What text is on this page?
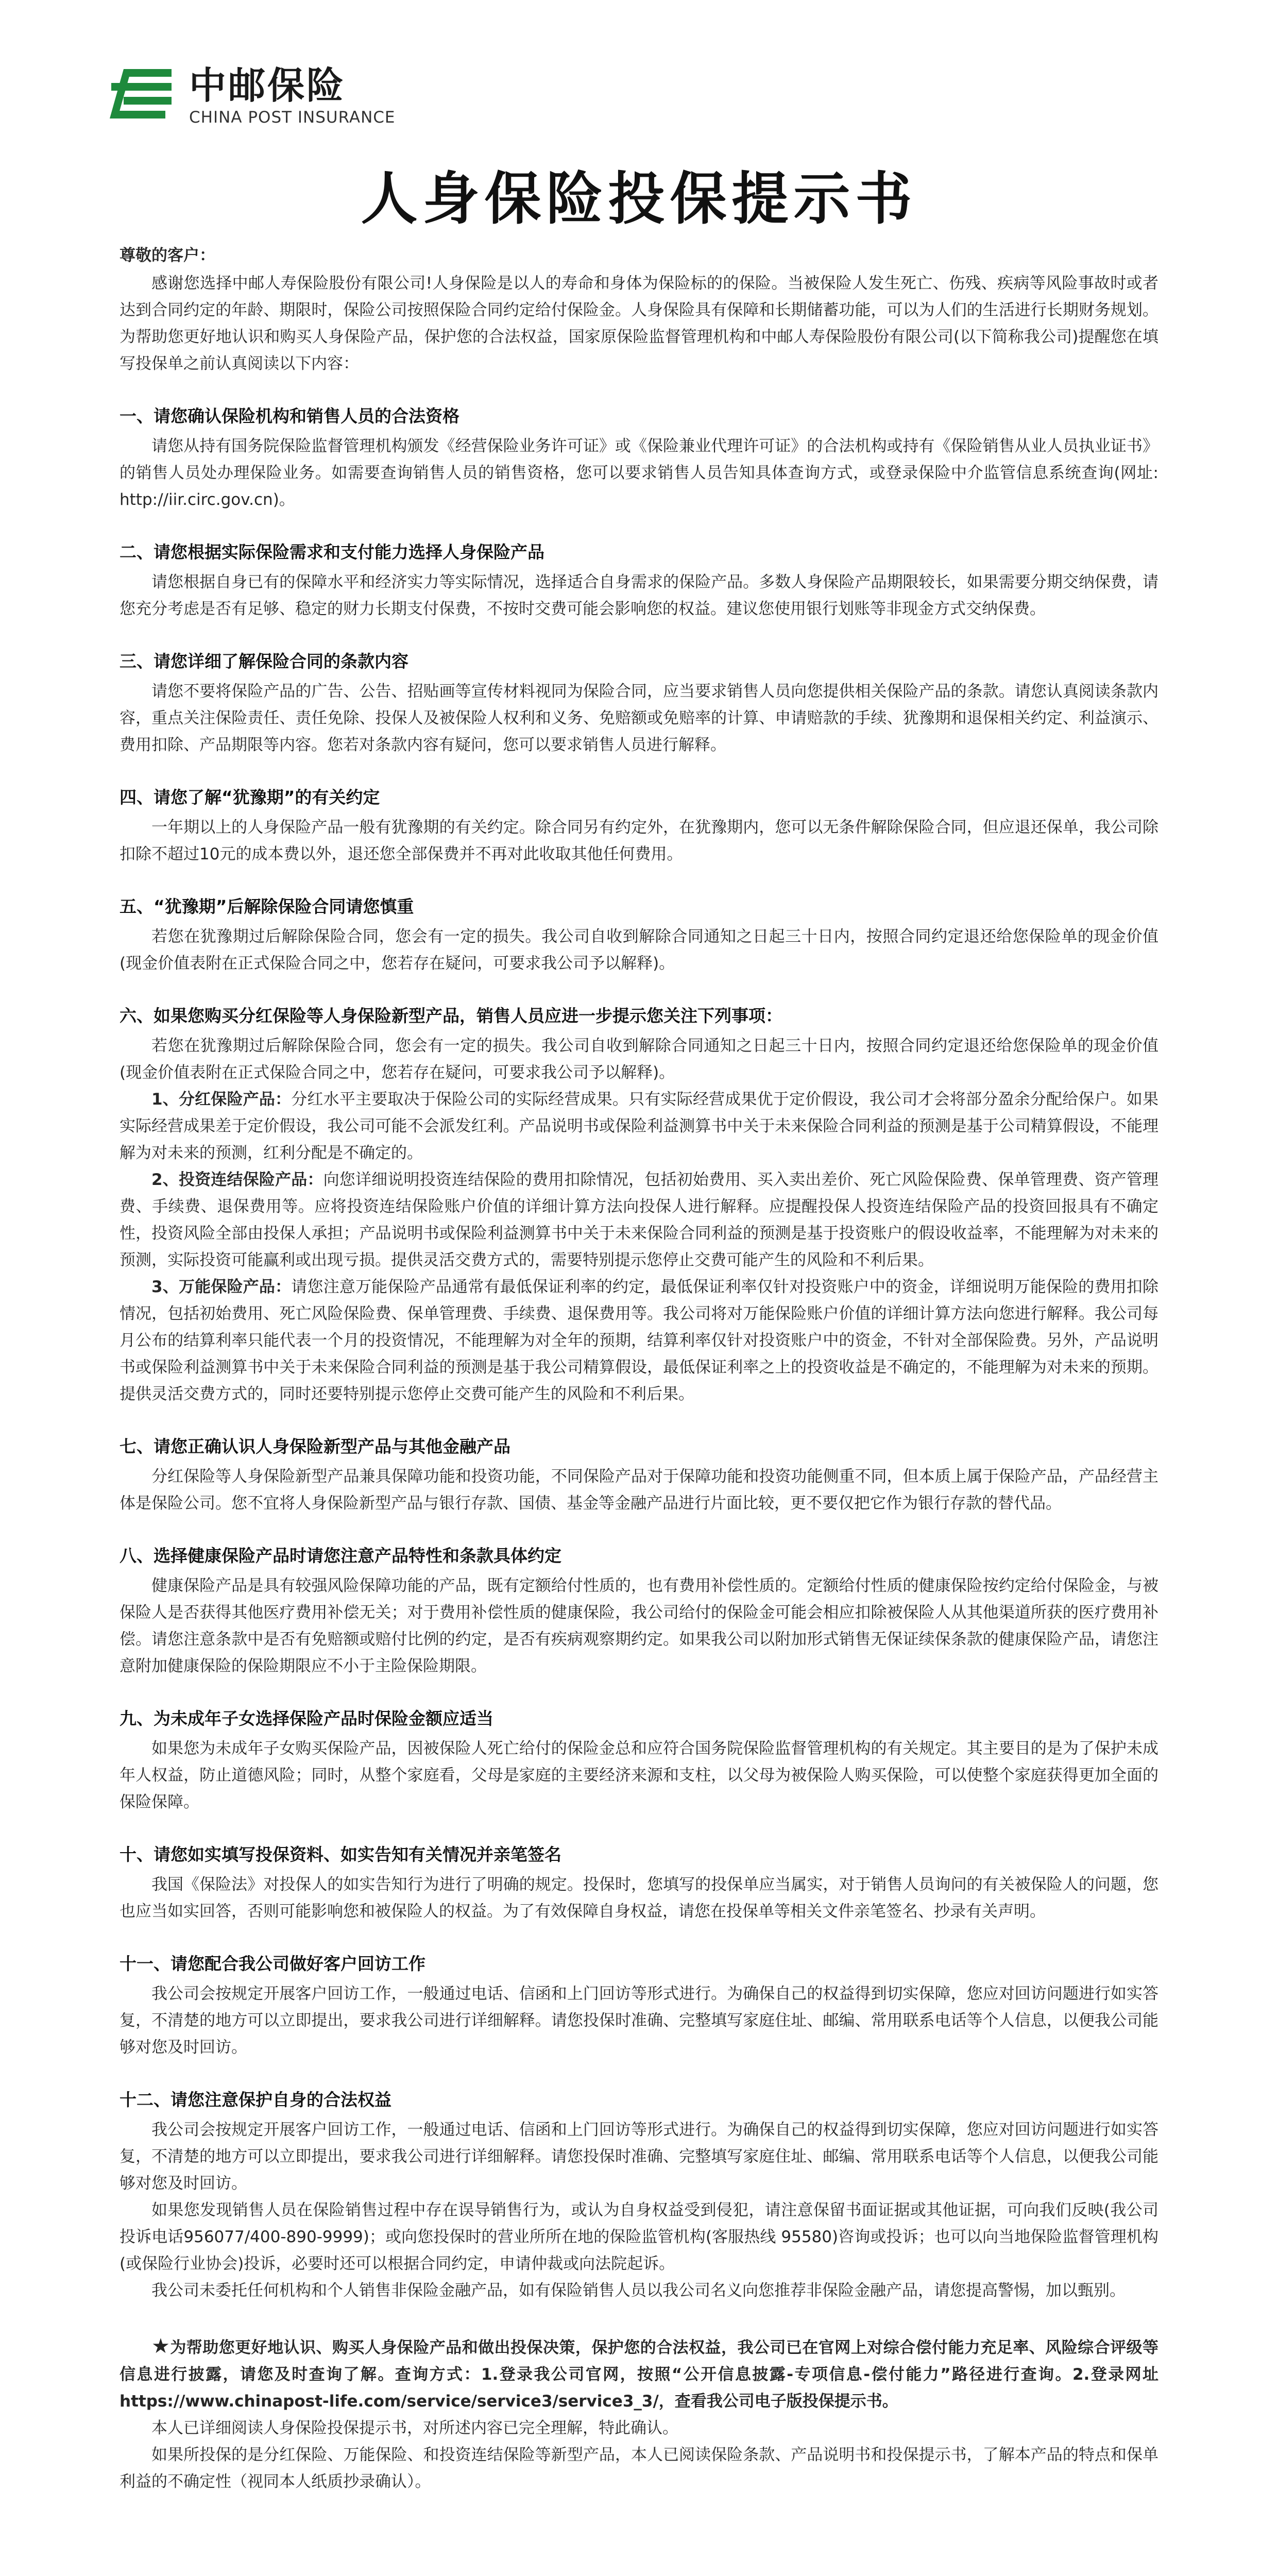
中邮保险
CHINA POST INSURANCE
人身保险投保提示书
尊敬的客户：

感谢您选择中邮人寿保险股份有限公司!人身保险是以人的寿命和身体为保险标的的保险。当被保险人发生死亡、伤残、疾病等风险事故时或者达到合同约定的年龄、期限时，保险公司按照保险合同约定给付保险金。人身保险具有保障和长期储蓄功能，可以为人们的生活进行长期财务规划。为帮助您更好地认识和购买人身保险产品，保护您的合法权益，国家原保险监督管理机构和中邮人寿保险股份有限公司(以下简称我公司)提醒您在填写投保单之前认真阅读以下内容：

一、请您确认保险机构和销售人员的合法资格

请您从持有国务院保险监督管理机构颁发《经营保险业务许可证》或《保险兼业代理许可证》的合法机构或持有《保险销售从业人员执业证书》的销售人员处办理保险业务。如需要查询销售人员的销售资格，您可以要求销售人员告知具体查询方式，或登录保险中介监管信息系统查询(网址: http://iir.circ.gov.cn)。

二、请您根据实际保险需求和支付能力选择人身保险产品

请您根据自身已有的保障水平和经济实力等实际情况，选择适合自身需求的保险产品。多数人身保险产品期限较长，如果需要分期交纳保费，请您充分考虑是否有足够、稳定的财力长期支付保费，不按时交费可能会影响您的权益。建议您使用银行划账等非现金方式交纳保费。

三、请您详细了解保险合同的条款内容

请您不要将保险产品的广告、公告、招贴画等宣传材料视同为保险合同，应当要求销售人员向您提供相关保险产品的条款。请您认真阅读条款内容，重点关注保险责任、责任免除、投保人及被保险人权利和义务、免赔额或免赔率的计算、申请赔款的手续、犹豫期和退保相关约定、利益演示、费用扣除、产品期限等内容。您若对条款内容有疑问，您可以要求销售人员进行解释。

四、请您了解“犹豫期”的有关约定

一年期以上的人身保险产品一般有犹豫期的有关约定。除合同另有约定外，在犹豫期内，您可以无条件解除保险合同，但应退还保单，我公司除扣除不超过10元的成本费以外，退还您全部保费并不再对此收取其他任何费用。

五、“犹豫期”后解除保险合同请您慎重

若您在犹豫期过后解除保险合同，您会有一定的损失。我公司自收到解除合同通知之日起三十日内，按照合同约定退还给您保险单的现金价值(现金价值表附在正式保险合同之中，您若存在疑问，可要求我公司予以解释)。

六、如果您购买分红保险等人身保险新型产品，销售人员应进一步提示您关注下列事项：

若您在犹豫期过后解除保险合同，您会有一定的损失。我公司自收到解除合同通知之日起三十日内，按照合同约定退还给您保险单的现金价值(现金价值表附在正式保险合同之中，您若存在疑问，可要求我公司予以解释)。

1、分红保险产品：分红水平主要取决于保险公司的实际经营成果。只有实际经营成果优于定价假设，我公司才会将部分盈余分配给保户。如果实际经营成果差于定价假设，我公司可能不会派发红利。产品说明书或保险利益测算书中关于未来保险合同利益的预测是基于公司精算假设，不能理解为对未来的预测，红利分配是不确定的。

2、投资连结保险产品：向您详细说明投资连结保险的费用扣除情况，包括初始费用、买入卖出差价、死亡风险保险费、保单管理费、资产管理费、手续费、退保费用等。应将投资连结保险账户价值的详细计算方法向投保人进行解释。应提醒投保人投资连结保险产品的投资回报具有不确定性，投资风险全部由投保人承担；产品说明书或保险利益测算书中关于未来保险合同利益的预测是基于投资账户的假设收益率，不能理解为对未来的预测，实际投资可能赢利或出现亏损。提供灵活交费方式的，需要特别提示您停止交费可能产生的风险和不利后果。

3、万能保险产品：请您注意万能保险产品通常有最低保证利率的约定，最低保证利率仅针对投资账户中的资金，详细说明万能保险的费用扣除情况，包括初始费用、死亡风险保险费、保单管理费、手续费、退保费用等。我公司将对万能保险账户价值的详细计算方法向您进行解释。我公司每月公布的结算利率只能代表一个月的投资情况，不能理解为对全年的预期，结算利率仅针对投资账户中的资金，不针对全部保险费。另外，产品说明书或保险利益测算书中关于未来保险合同利益的预测是基于我公司精算假设，最低保证利率之上的投资收益是不确定的，不能理解为对未来的预期。提供灵活交费方式的，同时还要特别提示您停止交费可能产生的风险和不利后果。

七、请您正确认识人身保险新型产品与其他金融产品

分红保险等人身保险新型产品兼具保障功能和投资功能，不同保险产品对于保障功能和投资功能侧重不同，但本质上属于保险产品，产品经营主体是保险公司。您不宜将人身保险新型产品与银行存款、国债、基金等金融产品进行片面比较，更不要仅把它作为银行存款的替代品。

八、选择健康保险产品时请您注意产品特性和条款具体约定

健康保险产品是具有较强风险保障功能的产品，既有定额给付性质的，也有费用补偿性质的。定额给付性质的健康保险按约定给付保险金，与被保险人是否获得其他医疗费用补偿无关；对于费用补偿性质的健康保险，我公司给付的保险金可能会相应扣除被保险人从其他渠道所获的医疗费用补偿。请您注意条款中是否有免赔额或赔付比例的约定，是否有疾病观察期约定。如果我公司以附加形式销售无保证续保条款的健康保险产品，请您注意附加健康保险的保险期限应不小于主险保险期限。

九、为未成年子女选择保险产品时保险金额应适当

如果您为未成年子女购买保险产品，因被保险人死亡给付的保险金总和应符合国务院保险监督管理机构的有关规定。其主要目的是为了保护未成年人权益，防止道德风险；同时，从整个家庭看，父母是家庭的主要经济来源和支柱，以父母为被保险人购买保险，可以使整个家庭获得更加全面的保险保障。

十、请您如实填写投保资料、如实告知有关情况并亲笔签名

我国《保险法》对投保人的如实告知行为进行了明确的规定。投保时，您填写的投保单应当属实，对于销售人员询问的有关被保险人的问题，您也应当如实回答，否则可能影响您和被保险人的权益。为了有效保障自身权益，请您在投保单等相关文件亲笔签名、抄录有关声明。

十一、请您配合我公司做好客户回访工作

我公司会按规定开展客户回访工作，一般通过电话、信函和上门回访等形式进行。为确保自己的权益得到切实保障，您应对回访问题进行如实答复，不清楚的地方可以立即提出，要求我公司进行详细解释。请您投保时准确、完整填写家庭住址、邮编、常用联系电话等个人信息，以便我公司能够对您及时回访。

十二、请您注意保护自身的合法权益

我公司会按规定开展客户回访工作，一般通过电话、信函和上门回访等形式进行。为确保自己的权益得到切实保障，您应对回访问题进行如实答复，不清楚的地方可以立即提出，要求我公司进行详细解释。请您投保时准确、完整填写家庭住址、邮编、常用联系电话等个人信息，以便我公司能够对您及时回访。

如果您发现销售人员在保险销售过程中存在误导销售行为，或认为自身权益受到侵犯，请注意保留书面证据或其他证据，可向我们反映(我公司投诉电话956077/400-890-9999)；或向您投保时的营业所所在地的保险监管机构(客服热线 95580)咨询或投诉；也可以向当地保险监督管理机构(或保险行业协会)投诉，必要时还可以根据合同约定，申请仲裁或向法院起诉。

我公司未委托任何机构和个人销售非保险金融产品，如有保险销售人员以我公司名义向您推荐非保险金融产品，请您提高警惕，加以甄别。

★为帮助您更好地认识、购买人身保险产品和做出投保决策，保护您的合法权益，我公司已在官网上对综合偿付能力充足率、风险综合评级等信息进行披露，请您及时查询了解。查询方式：1.登录我公司官网，按照“公开信息披露-专项信息-偿付能力”路径进行查询。2.登录网址https://www.chinapost-life.com/service/service3/service3_3/，查看我公司电子版投保提示书。

本人已详细阅读人身保险投保提示书，对所述内容已完全理解，特此确认。

如果所投保的是分红保险、万能保险、和投资连结保险等新型产品，本人已阅读保险条款、产品说明书和投保提示书，了解本产品的特点和保单利益的不确定性（视同本人纸质抄录确认）。
